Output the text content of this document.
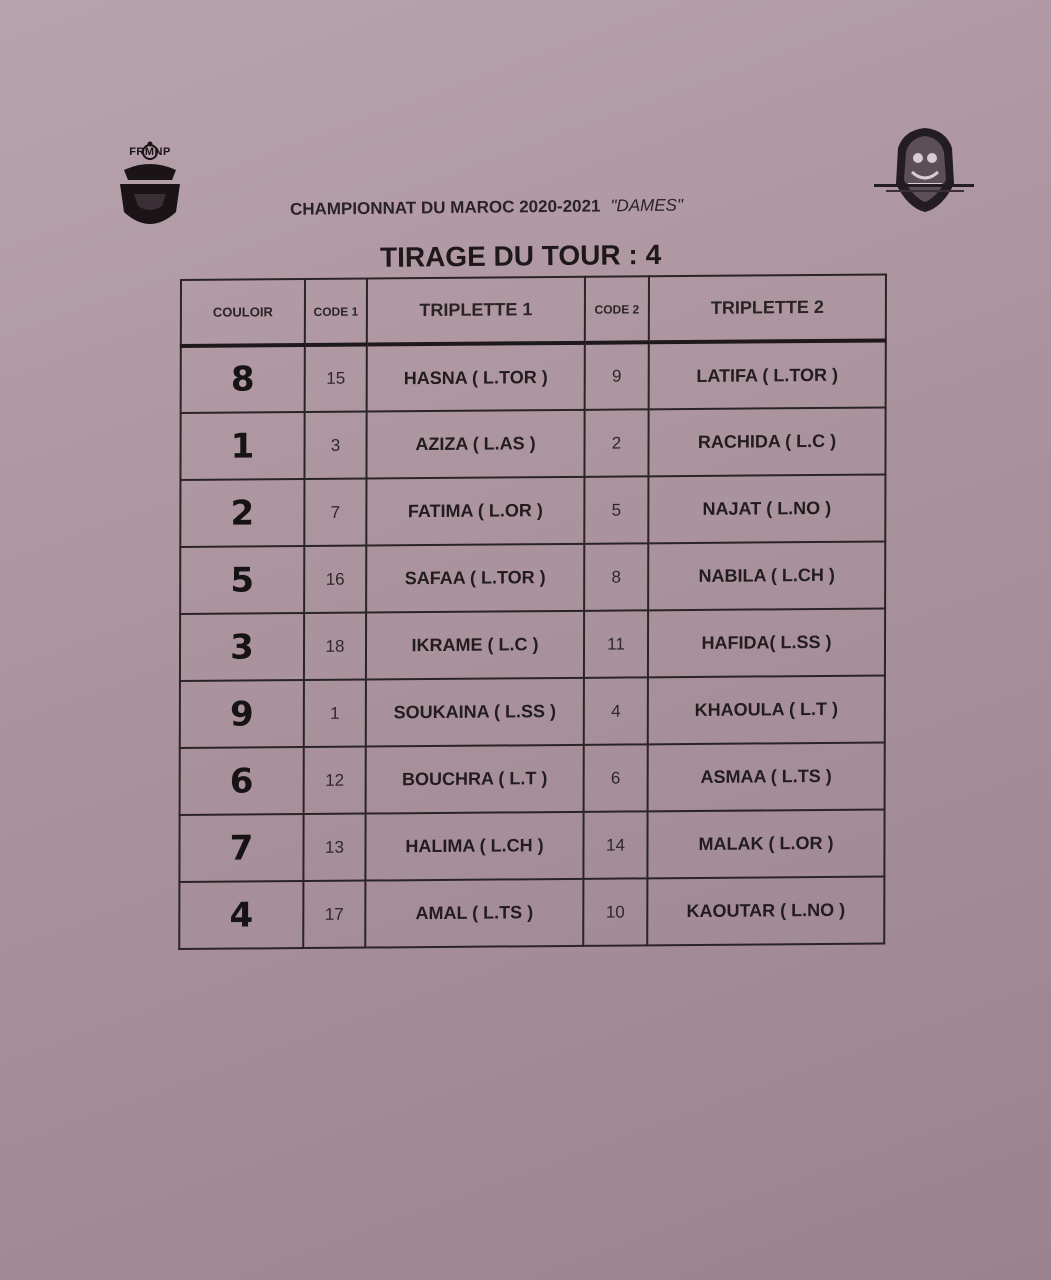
FRMNP
CHAMPIONNAT DU MAROC 2020-2021 "DAMES"
TIRAGE DU TOUR : 4
COULOIR	CODE 1	TRIPLETTE 1	CODE 2	TRIPLETTE 2
8	15	HASNA ( L.TOR )	9	LATIFA ( L.TOR )
1	3	AZIZA ( L.AS )	2	RACHIDA ( L.C )
2	7	FATIMA ( L.OR )	5	NAJAT ( L.NO )
5	16	SAFAA ( L.TOR )	8	NABILA ( L.CH )
3	18	IKRAME ( L.C )	11	HAFIDA( L.SS )
9	1	SOUKAINA ( L.SS )	4	KHAOULA ( L.T )
6	12	BOUCHRA ( L.T )	6	ASMAA ( L.TS )
7	13	HALIMA ( L.CH )	14	MALAK ( L.OR )
4	17	AMAL ( L.TS )	10	KAOUTAR ( L.NO )
